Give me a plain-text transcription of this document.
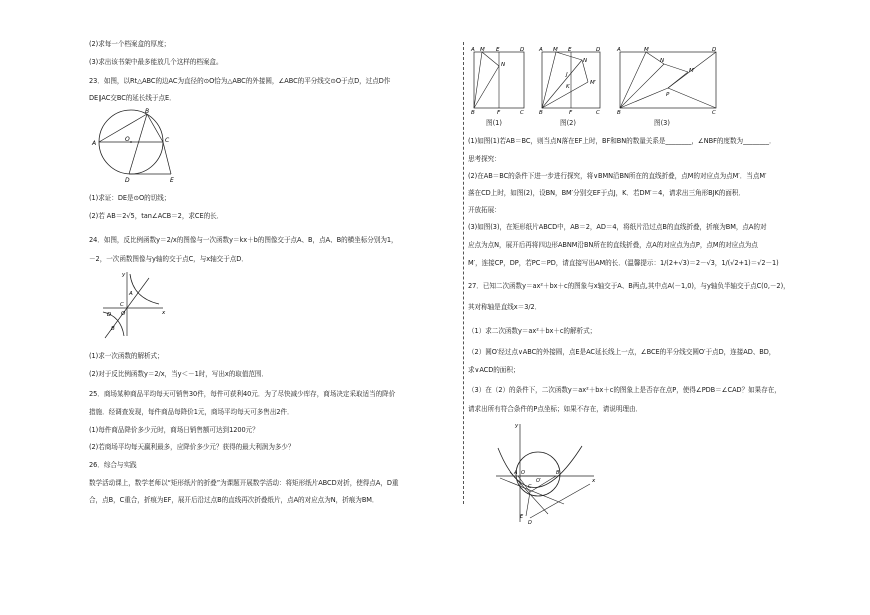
(2)求每一个档案盒的厚度；
(3)求出该书架中最多能放几个这样的档案盒。
23．如图，以Rt△ABC的边AC为直径的⊙O恰为△ABC的外接圆，∠ABC的平分线交⊙O于点D，过点D作
DE∥AC交BC的延长线于点E．
A
B
C
O
D	E
(1)求证：DE是⊙O的切线；
(2)若 AB＝2√5，tan∠ACB＝2，求CE的长．
24．如图，反比例函数y＝2/x的图像与一次函数y＝kx＋b的图像交于点A、B，点A、B的横坐标分别为1，
－2，一次函数图像与y轴的交于点C，与x轴交于点D．
y
x
C
A
D O
B
(1)求一次函数的解析式；
(2)对于反比例函数y＝2/x，当y＜－1时，写出x的取值范围．
25．商场某种商品平均每天可销售30件，每件可获利40元．为了尽快减少库存，商场决定采取适当的降价
措施．经调查发现，每件商品每降价1元，商场平均每天可多售出2件．
(1)每件商品降价多少元时，商场日销售额可达到1200元？
(2)若商场平均每天赢利最多，应降价多少元？获得的最大利润为多少？
26．综合与实践
数学活动课上，数学老师以“矩形纸片的折叠”为课题开展数学活动：将矩形纸片ABCD对折，使得点A，D重
合，点B，C重合，折痕为EF，展开后沿过点B的直线再次折叠纸片，点A的对应点为N，折痕为BM．
A M E	D
N
B	F	C
A M E	D
N
J
K
M′
B	F	C
A	M	D
N
M′
P
B	C
图(1)	图(2)	图(3)
(1)如图(1)若AB＝BC，则当点N落在EF上时，BF和BN的数量关系是________，∠NBF的度数为________．
思考探究：
(2)在AB＝BC的条件下进一步进行探究，将∨BMN沿BN所在的直线折叠，点M的对应点为点M′．当点M′
落在CD上时，如图(2)，设BN，BM′分别交EF于点J，K．若DM′＝4，请求出三角形BJK的面积．
开放拓展：
(3)如图(3)，在矩形纸片ABCD中，AB＝2，AD＝4，将纸片沿过点B的直线折叠，折痕为BM，点A的对
应点为点N，展开后再将四边形ABNM沿BN所在的直线折叠，点A的对应点为点P，点M的对应点为点
M′，连接CP，DP，若PC＝PD，请直接写出AM的长．(温馨提示：1/(2+√3)＝2－√3，1/(√2+1)＝√2－1)
27．已知二次函数y＝ax²＋bx＋c的图象与x轴交于A、B两点,其中点A(－1,0)，与y轴负半轴交于点C(0,－2)，
其对称轴是直线x＝3/2．
（1）求二次函数y＝ax²＋bx＋c的解析式；
（2）圆O′经过点∨ABC的外接圆，点E是AC延长线上一点，∠BCE的平分线交圆O′于点D，连接AD、BD，
求∨ACD的面积；
（3）在（2）的条件下，二次函数y＝ax²＋bx＋c的图象上是否存在点P，使得∠PDB＝∠CAD？如果存在，
请求出所有符合条件的P点坐标；如果不存在，请说明理由．
y
x
A O
O′
B
C
E
D
